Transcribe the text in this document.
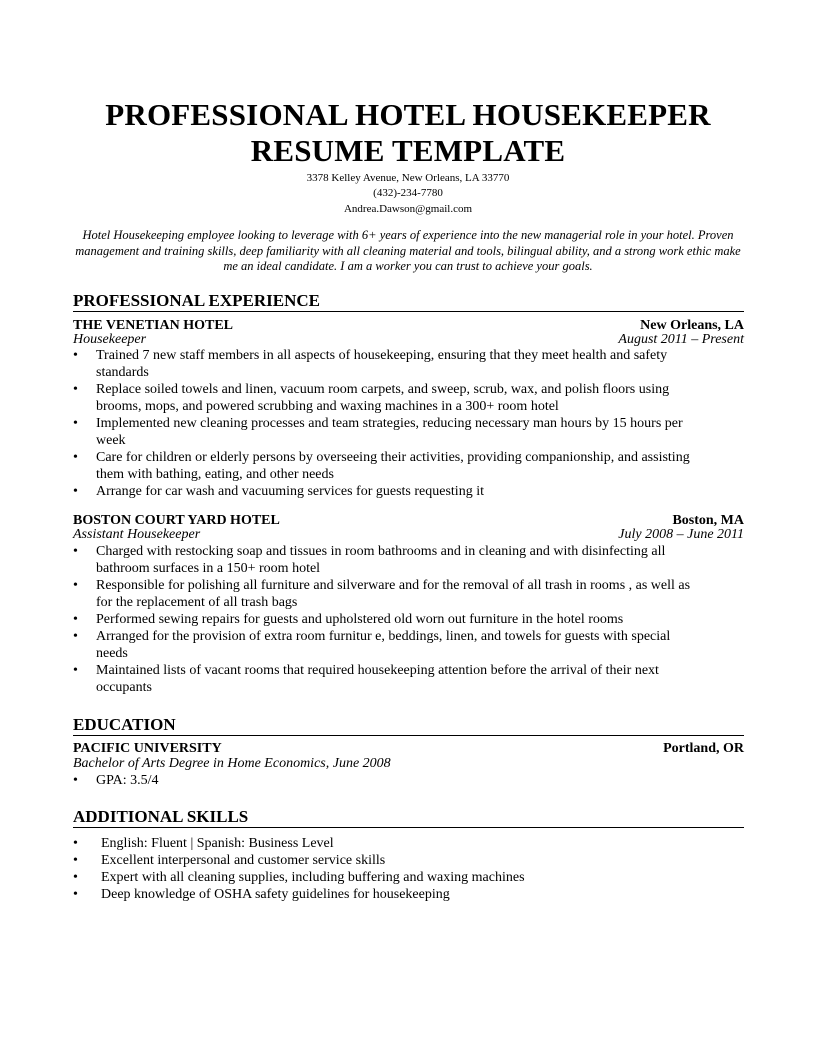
PROFESSIONAL HOTEL HOUSEKEEPER
RESUME TEMPLATE
3378 Kelley Avenue, New Orleans, LA 33770
(432)-234-7780
Andrea.Dawson@gmail.com
Hotel Housekeeping employee looking to leverage with 6+ years of experience into the new managerial role in your hotel. Proven management and training skills, deep familiarity with all cleaning material and tools, bilingual ability, and a strong work ethic make me an ideal candidate. I am a worker you can trust to achieve your goals.
PROFESSIONAL EXPERIENCE
THE VENETIAN HOTEL	New Orleans, LA
Housekeeper	August 2011 – Present
• Trained 7 new staff members in all aspects of housekeeping, ensuring that they meet health and safety standards
• Replace soiled towels and linen, vacuum room carpets, and sweep, scrub, wax, and polish floors using brooms, mops, and powered scrubbing and waxing machines in a 300+ room hotel
• Implemented new cleaning processes and team strategies, reducing necessary man hours by 15 hours per week
• Care for children or elderly persons by overseeing their activities, providing companionship, and assisting them with bathing, eating, and other needs
• Arrange for car wash and vacuuming services for guests requesting it
BOSTON COURT YARD HOTEL	Boston, MA
Assistant Housekeeper	July 2008 – June 2011
• Charged with restocking soap and tissues in room bathrooms and in cleaning and with disinfecting all bathroom surfaces in a 150+ room hotel
• Responsible for polishing all furniture and silverware and for the removal of all trash in rooms , as well as for the replacement of all trash bags
• Performed sewing repairs for guests and upholstered old worn out furniture in the hotel rooms
• Arranged for the provision of extra room furnitur e, beddings, linen, and towels for guests with special needs
• Maintained lists of vacant rooms that required housekeeping attention before the arrival of their next occupants
EDUCATION
PACIFIC UNIVERSITY	Portland, OR
Bachelor of Arts Degree in Home Economics, June 2008
• GPA: 3.5/4
ADDITIONAL SKILLS
• English: Fluent | Spanish: Business Level
• Excellent interpersonal and customer service skills
• Expert with all cleaning supplies, including buffering and waxing machines
• Deep knowledge of OSHA safety guidelines for housekeeping
